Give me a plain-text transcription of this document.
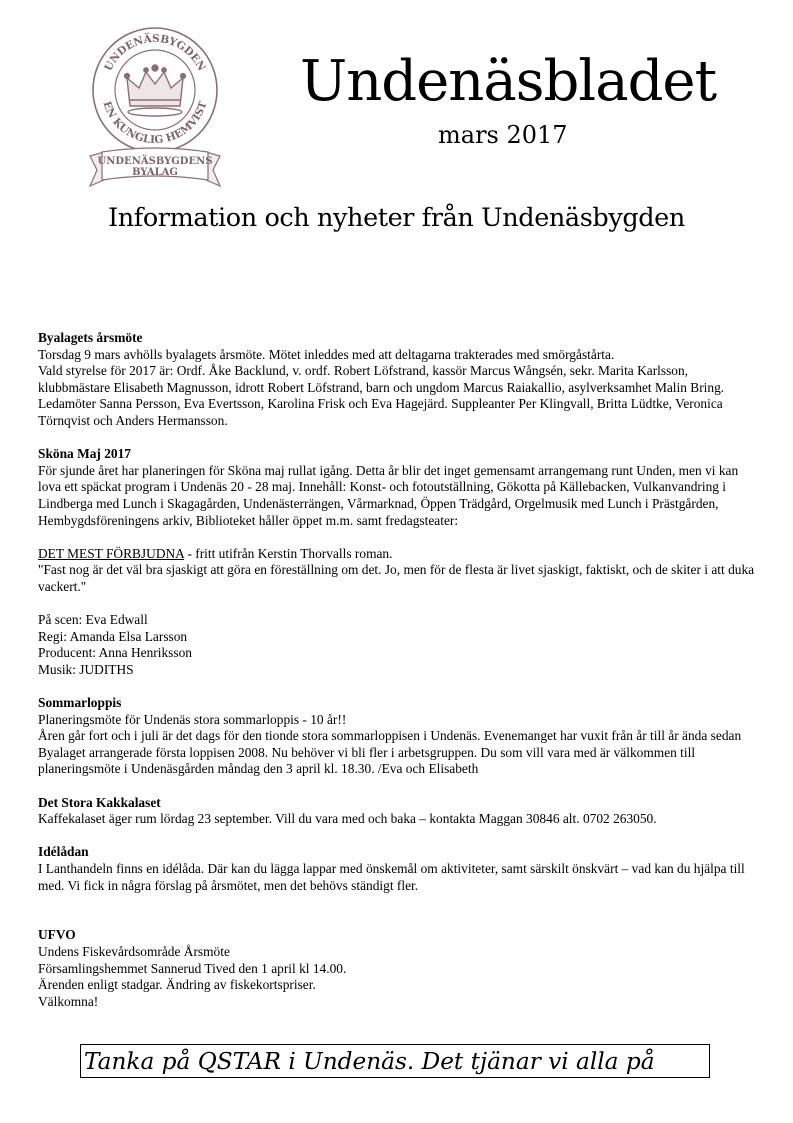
UNDENÄSBYGDEN
EN KUNGLIG HEMVIST
UNDENÄSBYGDENS
BYALAG
Undenäsbladet
mars 2017
Information och nyheter från Undenäsbygden

Byalagets årsmöte

Torsdag 9 mars avhölls byalagets årsmöte. Mötet inleddes med att deltagarna trakterades med smörgåstårta.

Vald styrelse för 2017 är: Ordf. Åke Backlund, v. ordf. Robert Löfstrand, kassör Marcus Wångsén, sekr. Marita Karlsson, klubbmästare Elisabeth Magnusson, idrott Robert Löfstrand, barn och ungdom Marcus Raiakallio, asylverksamhet Malin Bring. Ledamöter Sanna Persson, Eva Evertsson, Karolina Frisk och Eva Hagejärd. Suppleanter Per Klingvall, Britta Lüdtke, Veronica Törnqvist och Anders Hermansson.

Sköna Maj 2017

För sjunde året har planeringen för Sköna maj rullat igång. Detta år blir det inget gemensamt arrangemang runt Unden, men vi kan lova ett späckat program i Undenäs 20 - 28 maj. Innehåll: Konst- och fotoutställning, Gökotta på Källebacken, Vulkanvandring i Lindberga med Lunch i Skagagården, Undenästerrängen, Vårmarknad, Öppen Trädgård, Orgelmusik med Lunch i Prästgården, Hembygdsföreningens arkiv, Biblioteket håller öppet m.m. samt fredagsteater:

DET MEST FÖRBJUDNA - fritt utifrån Kerstin Thorvalls roman.

"Fast nog är det väl bra sjaskigt att göra en föreställning om det. Jo, men för de flesta är livet sjaskigt, faktiskt, och de skiter i att duka vackert."

På scen: Eva Edwall

Regi: Amanda Elsa Larsson

Producent: Anna Henriksson

Musik: JUDITHS

Sommarloppis

Planeringsmöte för Undenäs stora sommarloppis - 10 år!!

Åren går fort och i juli är det dags för den tionde stora sommarloppisen i Undenäs. Evenemanget har vuxit från år till år ända sedan Byalaget arrangerade första loppisen 2008. Nu behöver vi bli fler i arbetsgruppen. Du som vill vara med är välkommen till planeringsmöte i Undenäsgården måndag den 3 april kl. 18.30. /Eva och Elisabeth

Det Stora Kakkalaset

Kaffekalaset äger rum lördag 23 september. Vill du vara med och baka – kontakta Maggan 30846 alt. 0702 263050.

Idélådan

I Lanthandeln finns en idélåda. Där kan du lägga lappar med önskemål om aktiviteter, samt särskilt önskvärt – vad kan du hjälpa till med. Vi fick in några förslag på årsmötet, men det behövs ständigt fler.

UFVO

Undens Fiskevårdsområde Årsmöte

Församlingshemmet Sannerud Tived den 1 april kl 14.00.

Ärenden enligt stadgar. Ändring av fiskekortspriser.

Välkomna!

Tanka på QSTAR i Undenäs. Det tjänar vi alla på
